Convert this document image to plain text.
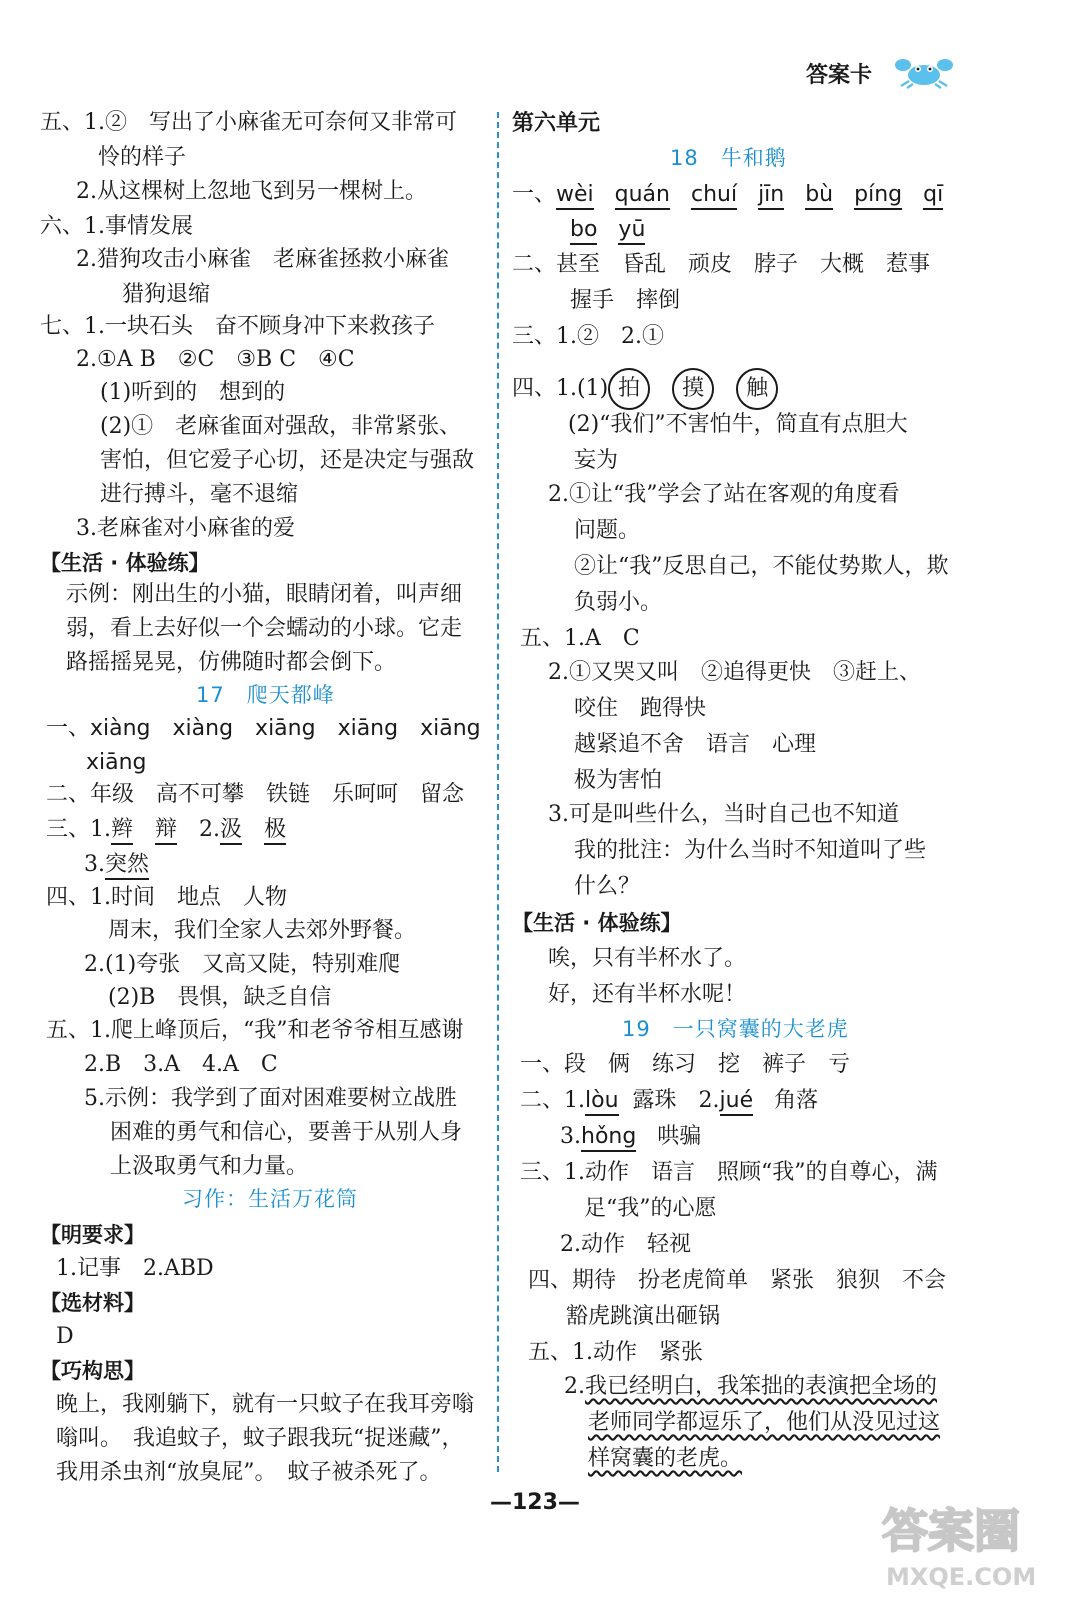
答案卡
五、1.②　写出了小麻雀无可奈何又非常可
怜的样子
2.从这棵树上忽地飞到另一棵树上。
六、1.事情发展
2.猎狗攻击小麻雀　老麻雀拯救小麻雀
猎狗退缩
七、1.一块石头　奋不顾身冲下来救孩子
2.①A B　②C　③B C　④C
(1)听到的　想到的
(2)①　老麻雀面对强敌，非常紧张、
害怕，但它爱子心切，还是决定与强敌
进行搏斗，毫不退缩
3.老麻雀对小麻雀的爱
【生活 · 体验练】
示例：刚出生的小猫，眼睛闭着，叫声细
弱，看上去好似一个会蠕动的小球。它走
路摇摇晃晃，仿佛随时都会倒下。
17　爬天都峰
一、xiàng　xiàng　xiāng　xiāng　xiāng
xiāng
二、年级　高不可攀　铁链　乐呵呵　留念
三、1.辫　 辩　2.汲　 极
3.突然
四、1.时间　地点　人物
周末，我们全家人去郊外野餐。
2.(1)夸张　又高又陡，特别难爬
(2)B　畏惧，缺乏自信
五、1.爬上峰顶后，“我”和老爷爷相互感谢
2.B　3.A　4.A　C
5.示例：我学到了面对困难要树立战胜
困难的勇气和信心，要善于从别人身
上汲取勇气和力量。
习作：生活万花筒
【明要求】
1.记事　2.ABD
【选材料】
D
【巧构思】
晚上，我刚躺下，就有一只蚊子在我耳旁嗡
嗡叫。　我追蚊子，蚊子跟我玩“捉迷藏”，
我用杀虫剂“放臭屁”。　蚊子被杀死了。
第六单元
18　牛和鹅
一、wèi quán chuí jīn bù píng qī
bo yū
二、甚至　昏乱　顽皮　脖子　大概　惹事
握手　摔倒
三、1.②　2.①
四、1.(1) 拍 摸 触
(2)“我们”不害怕牛，简直有点胆大
妄为
2.①让“我”学会了站在客观的角度看
问题。
②让“我”反思自己，不能仗势欺人，欺
负弱小。
五、1.A　C
2.①又哭又叫　②追得更快　③赶上、
咬住　跑得快
越紧追不舍　语言　心理
极为害怕
3.可是叫些什么，当时自己也不知道
我的批注：为什么当时不知道叫了些
什么？
【生活 · 体验练】
唉，只有半杯水了。
好，还有半杯水呢！
19　一只窝囊的大老虎
一、段　俩　练习　挖　裤子　亏
二、1.lòu 露珠　2.jué 角落
3.hǒng 哄骗
三、1.动作　语言　照顾“我”的自尊心，满
足“我”的心愿
2.动作　轻视
四、期待　扮老虎简单　紧张　狼狈　不会
豁虎跳演出砸锅
五、1.动作　紧张
2.我已经明白，我笨拙的表演把全场的
老师同学都逗乐了，他们从没见过这
样窝囊的老虎。
—123—
答案圈
MXQE.COM
